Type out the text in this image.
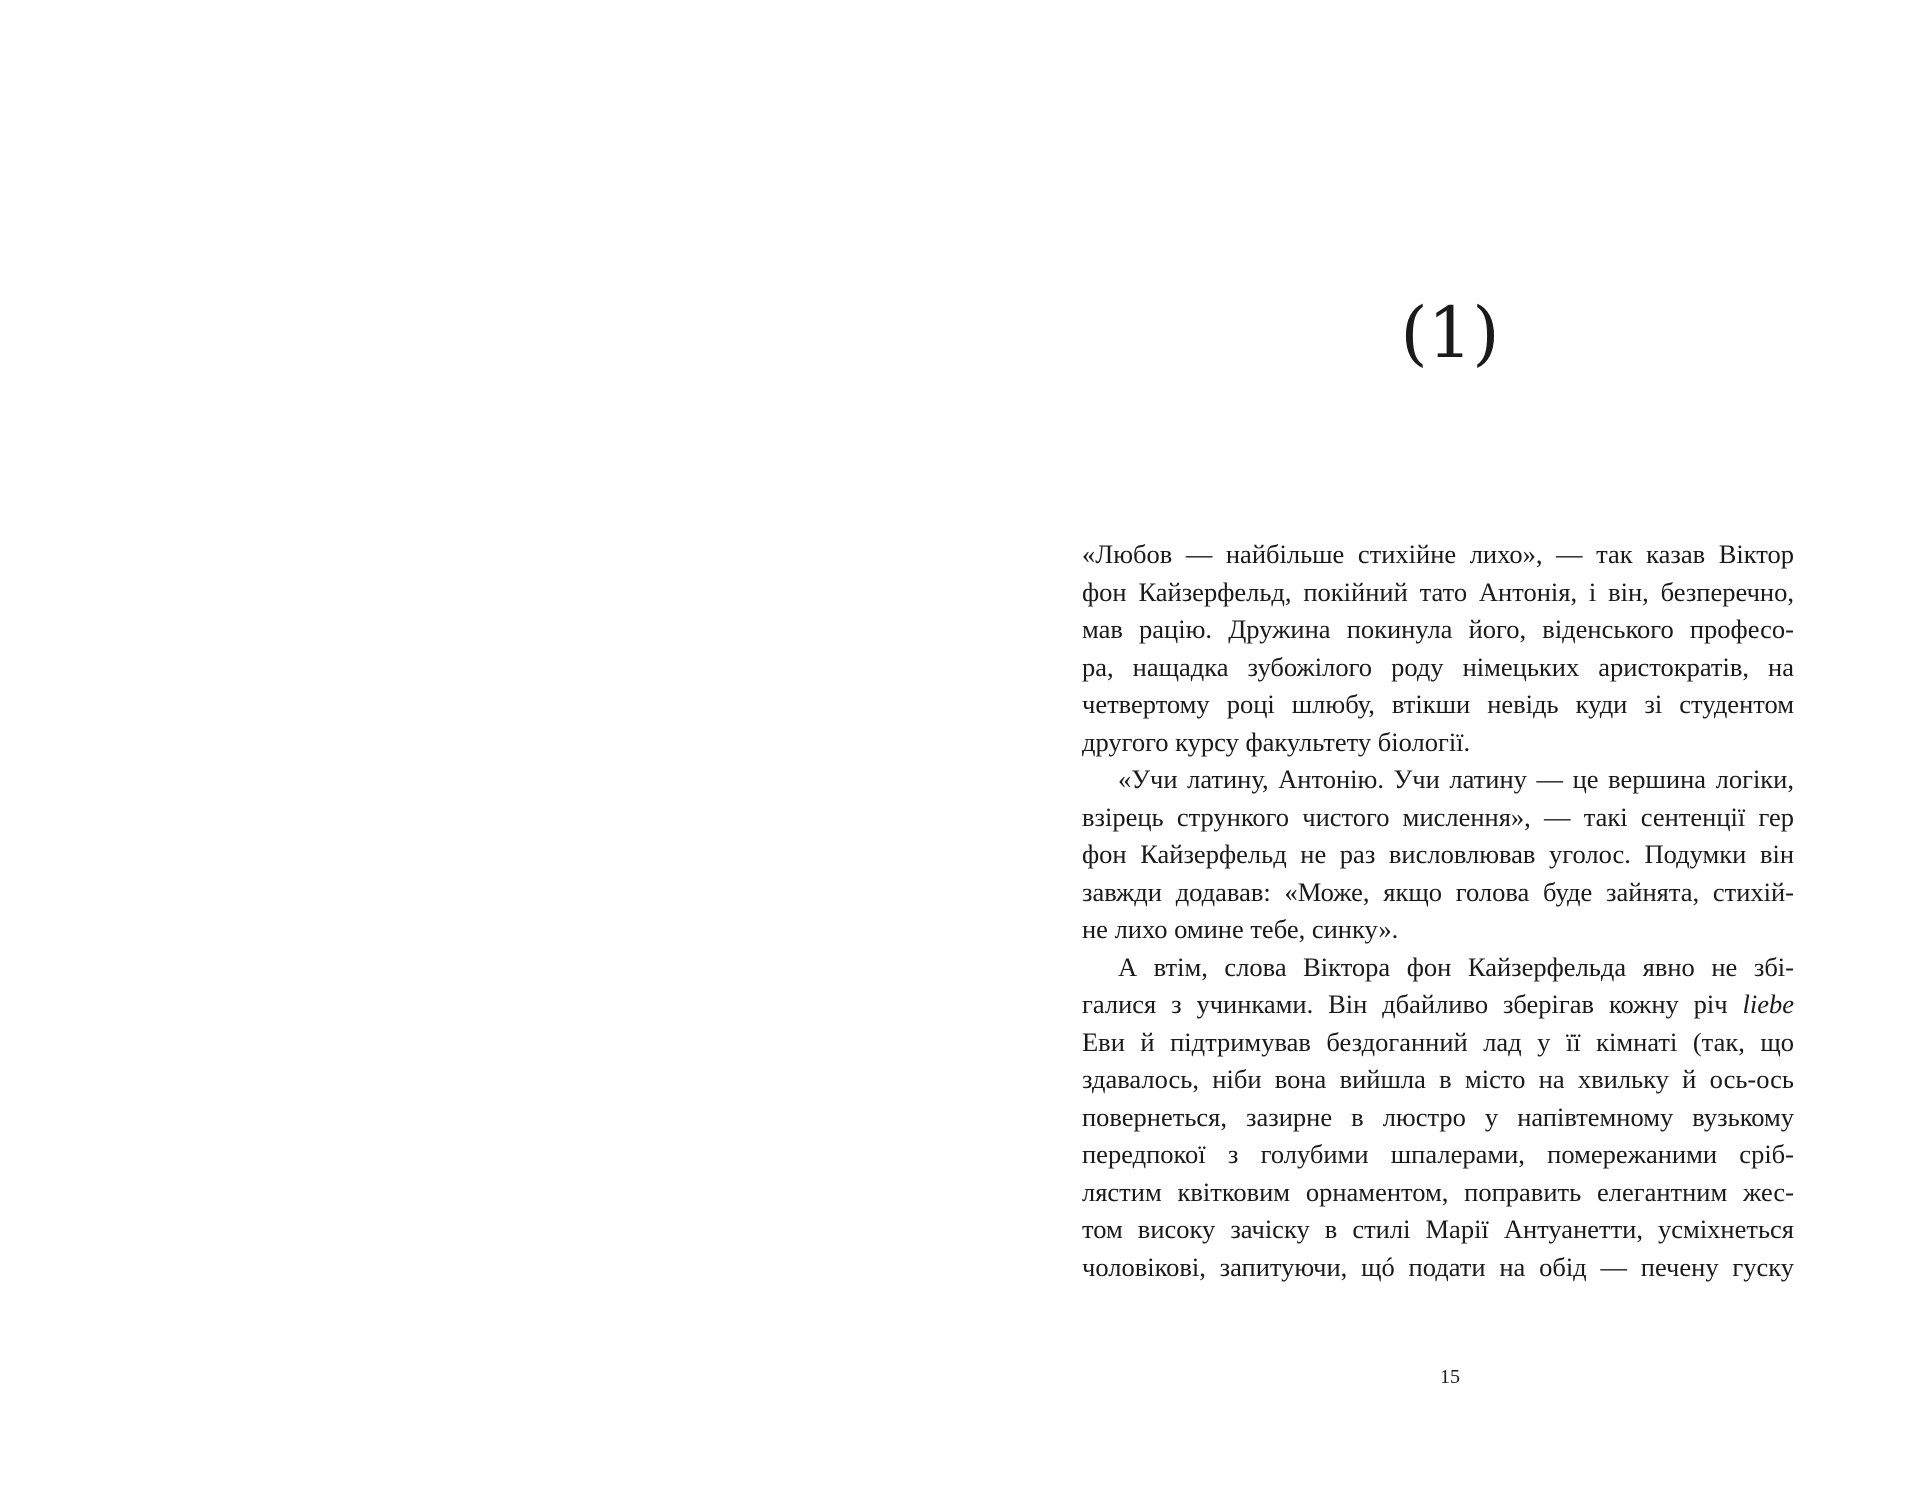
(1)
«Любов — найбільше стихійне лихо», — так казав Віктор
фон Кайзерфельд, покійний тато Антонія, і він, безперечно,
мав рацію. Дружина покинула його, віденського професо-
ра, нащадка зубожілого роду німецьких аристократів, на
четвертому році шлюбу, втікши невідь куди зі студентом
другого курсу факультету біології.
«Учи латину, Антонію. Учи латину — це вершина логіки,
взірець стрункого чистого мислення», — такі сентенції гер
фон Кайзерфельд не раз висловлював уголос. Подумки він
завжди додавав: «Може, якщо голова буде зайнята, стихій-
не лихо омине тебе, синку».
А втім, слова Віктора фон Кайзерфельда явно не збі-
галися з учинками. Він дбайливо зберігав кожну річ liebe
Еви й підтримував бездоганний лад у її кімнаті (так, що
здавалось, ніби вона вийшла в місто на хвильку й ось-ось
повернеться, зазирне в люстро у напівтемному вузькому
передпокої з голубими шпалерами, помережаними сріб-
лястим квітковим орнаментом, поправить елегантним жес-
том високу зачіску в стилі Марії Антуанетти, усміхнеться
чоловікові, запитуючи, щó подати на обід — печену гуску
15
